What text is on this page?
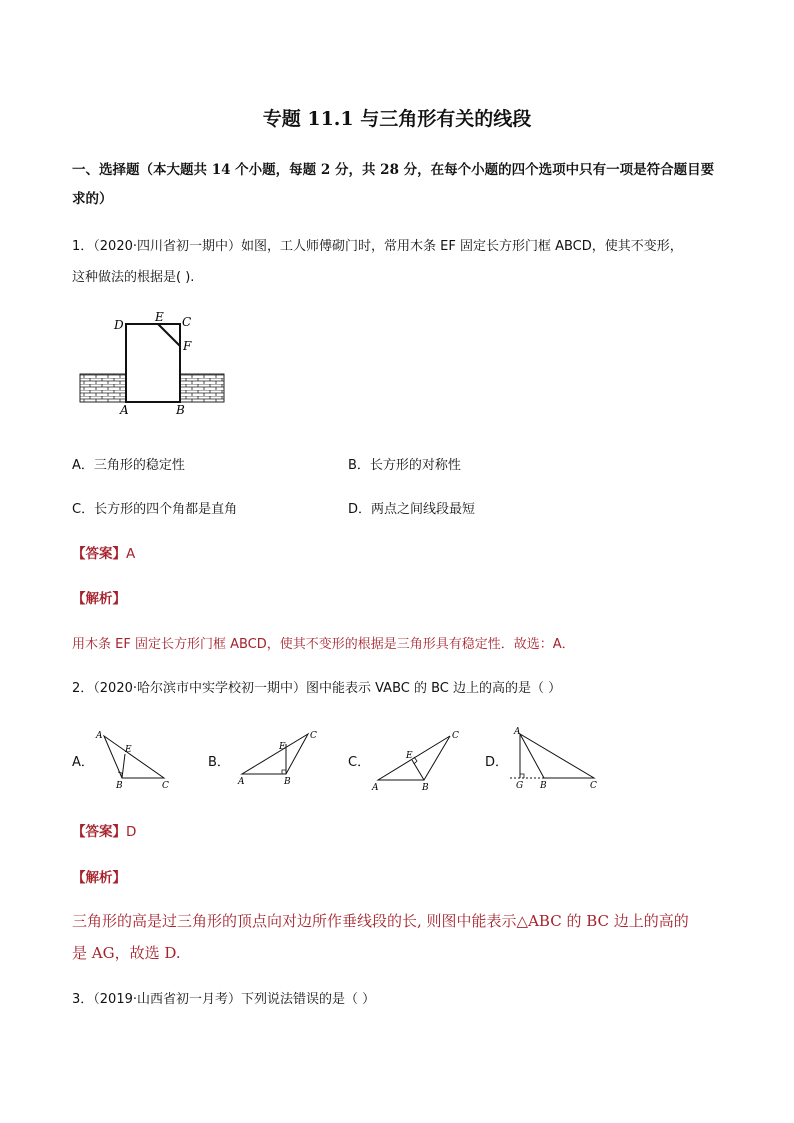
专题 11.1 与三角形有关的线段
一、选择题（本大题共 14 个小题，每题 2 分，共 28 分，在每个小题的四个选项中只有一项是符合题目要
求的）
1．（2020·四川省初一期中）如图，工人师傅砌门时，常用木条 EF 固定长方形门框 ABCD，使其不变形，
这种做法的根据是( ).
D
E C
F
A	B
A．三角形的稳定性	B．长方形的对称性
C．长方形的四个角都是直角	D．两点之间线段最短
【答案】A
【解析】
用木条 EF 固定长方形门框 ABCD，使其不变形的根据是三角形具有稳定性．故选：A．
2．（2020·哈尔滨市中实学校初一期中）图中能表示 VABC 的 BC 边上的高的是（ ）
A．
A
E
B	C
B．
C
E
A	B
C．
C
E
A	B
D．
A
G B	C
【答案】D
【解析】
三角形的高是过三角形的顶点向对边所作垂线段的长, 则图中能表示△ABC 的 BC 边上的高的
是 AG，故选 D.
3．（2019·山西省初一月考）下列说法错误的是（ ）
